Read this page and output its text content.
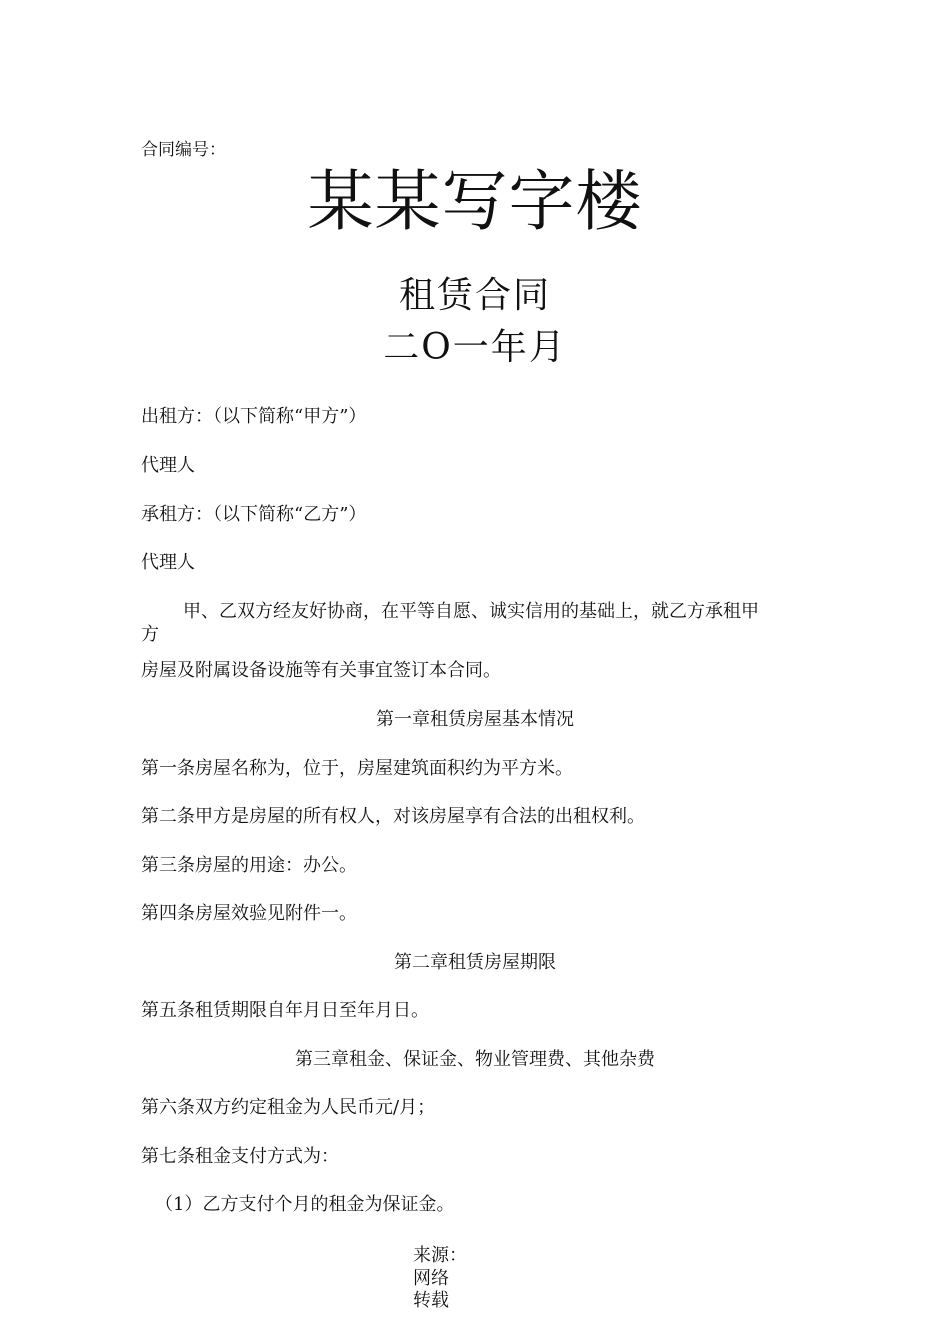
合同编号：
某某写字楼
租赁合同
二O一年月
出租方：（以下简称“甲方”）
代理人
承租方：（以下简称“乙方”）
代理人
甲、乙双方经友好协商，在平等自愿、诚实信用的基础上，就乙方承租甲
方
房屋及附属设备设施等有关事宜签订本合同。
第一章租赁房屋基本情况
第一条房屋名称为，位于，房屋建筑面积约为平方米。
第二条甲方是房屋的所有权人，对该房屋享有合法的出租权利。
第三条房屋的用途：办公。
第四条房屋效验见附件一。
第二章租赁房屋期限
第五条租赁期限自年月日至年月日。
第三章租金、保证金、物业管理费、其他杂费
第六条双方约定租金为人民币元/月；
第七条租金支付方式为：
（1）乙方支付个月的租金为保证金。
来源：
网络
转载
